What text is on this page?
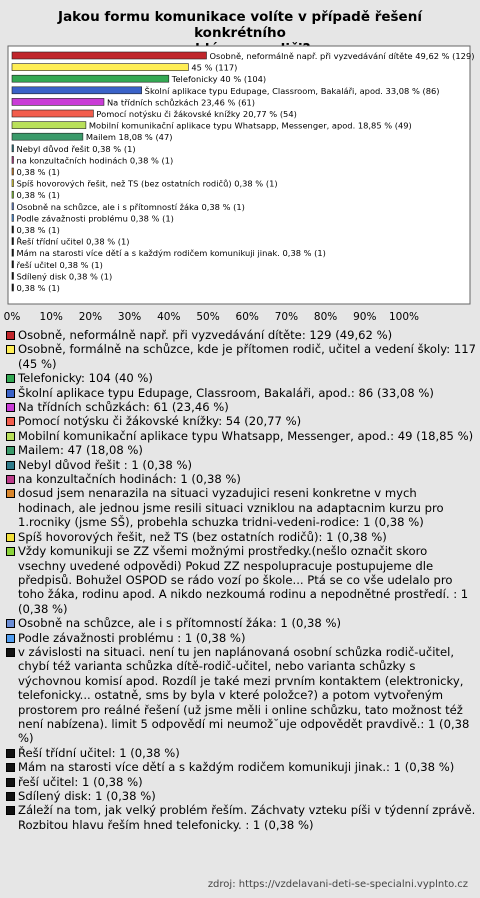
Jakou formu komunikace volíte v případě řešení konkrétního
Osobně, neformálně např. při vyzvedávání dítěte 49,62 % (129)
45 % (117)
Telefonicky 40 % (104)
Školní aplikace typu Edupage, Classroom, Bakaláři, apod. 33,08 % (86)
Na třídních schůzkách 23,46 % (61)
Pomocí notýsku či žákovské knížky 20,77 % (54)
Mobilní komunikační aplikace typu Whatsapp, Messenger, apod. 18,85 % (49)
Mailem 18,08 % (47)
Nebyl důvod řešit 0,38 % (1)
na konzultačních hodinách 0,38 % (1)
0,38 % (1)
Spíš hovorových řešit, než TS (bez ostatních rodičů) 0,38 % (1)
0,38 % (1)
Osobně na schůzce, ale i s přítomností žáka 0,38 % (1)
Podle závažnosti problému 0,38 % (1)
0,38 % (1)
Řeší třídní učitel 0,38 % (1)
Mám na starosti více dětí a s každým rodičem komunikuji jinak. 0,38 % (1)
řeší učitel 0,38 % (1)
Sdílený disk 0,38 % (1)
0,38 % (1)
0% 10% 20% 30% 40% 50% 60% 70% 80% 90% 100%
Osobně, neformálně např. při vyzvedávání dítěte: 129 (49,62 %)
Osobně, formálně na schůzce, kde je přítomen rodič, učitel a vedení školy: 117 (45 %)
Telefonicky: 104 (40 %)
Školní aplikace typu Edupage, Classroom, Bakaláři, apod.: 86 (33,08 %)
Na třídních schůzkách: 61 (23,46 %)
Pomocí notýsku či žákovské knížky: 54 (20,77 %)
Mobilní komunikační aplikace typu Whatsapp, Messenger, apod.: 49 (18,85 %)
Mailem: 47 (18,08 %)
Nebyl důvod řešit : 1 (0,38 %)
na konzultačních hodinách: 1 (0,38 %)
dosud jsem nenarazila na situaci vyzadujici reseni konkretne v mych hodinach, ale jednou jsme resili situaci vzniklou na adaptacnim kurzu pro 1.rocniky (jsme SŠ), probehla schuzka tridni-vedeni-rodice: 1 (0,38 %)
Spíš hovorových řešit, než TS (bez ostatních rodičů): 1 (0,38 %)
Vždy komunikuji se ZZ všemi možnými prostředky.(nešlo označit skoro vsechny uvedené odpovědi) Pokud ZZ nespolupracuje postupujeme dle předpisů. Bohužel OSPOD se rádo vozí po škole... Ptá se co vše udelalo pro toho žáka, rodinu apod. A nikdo nezkoumá rodinu a nepodnětné prostředí. : 1 (0,38 %)
Osobně na schůzce, ale i s přítomností žáka: 1 (0,38 %)
Podle závažnosti problému : 1 (0,38 %)
v závislosti na situaci. není tu jen naplánovaná osobní schůzka rodič-učitel, chybí též varianta schůzka dítě-rodič-učitel, nebo varianta schůzky s výchovnou komisí apod. Rozdíl je také mezi prvním kontaktem (elektronicky, telefonicky... ostatně, sms by byla v které položce?) a potom vytvořeným prostorem pro reálné řešení (už jsme měli i online schůzku, tato možnost též není nabízena). limit 5 odpovědí mi neumož˘uje odpovědět pravdivě.: 1 (0,38 %)
Řeší třídní učitel: 1 (0,38 %)
Mám na starosti více dětí a s každým rodičem komunikuji jinak.: 1 (0,38 %)
řeší učitel: 1 (0,38 %)
Sdílený disk: 1 (0,38 %)
Záleží na tom, jak velký problém řeším. Záchvaty vzteku píši v týdenní zprávě. Rozbitou hlavu řeším hned telefonicky. : 1 (0,38 %)
zdroj: https://vzdelavani-deti-se-specialni.vyplnto.cz
